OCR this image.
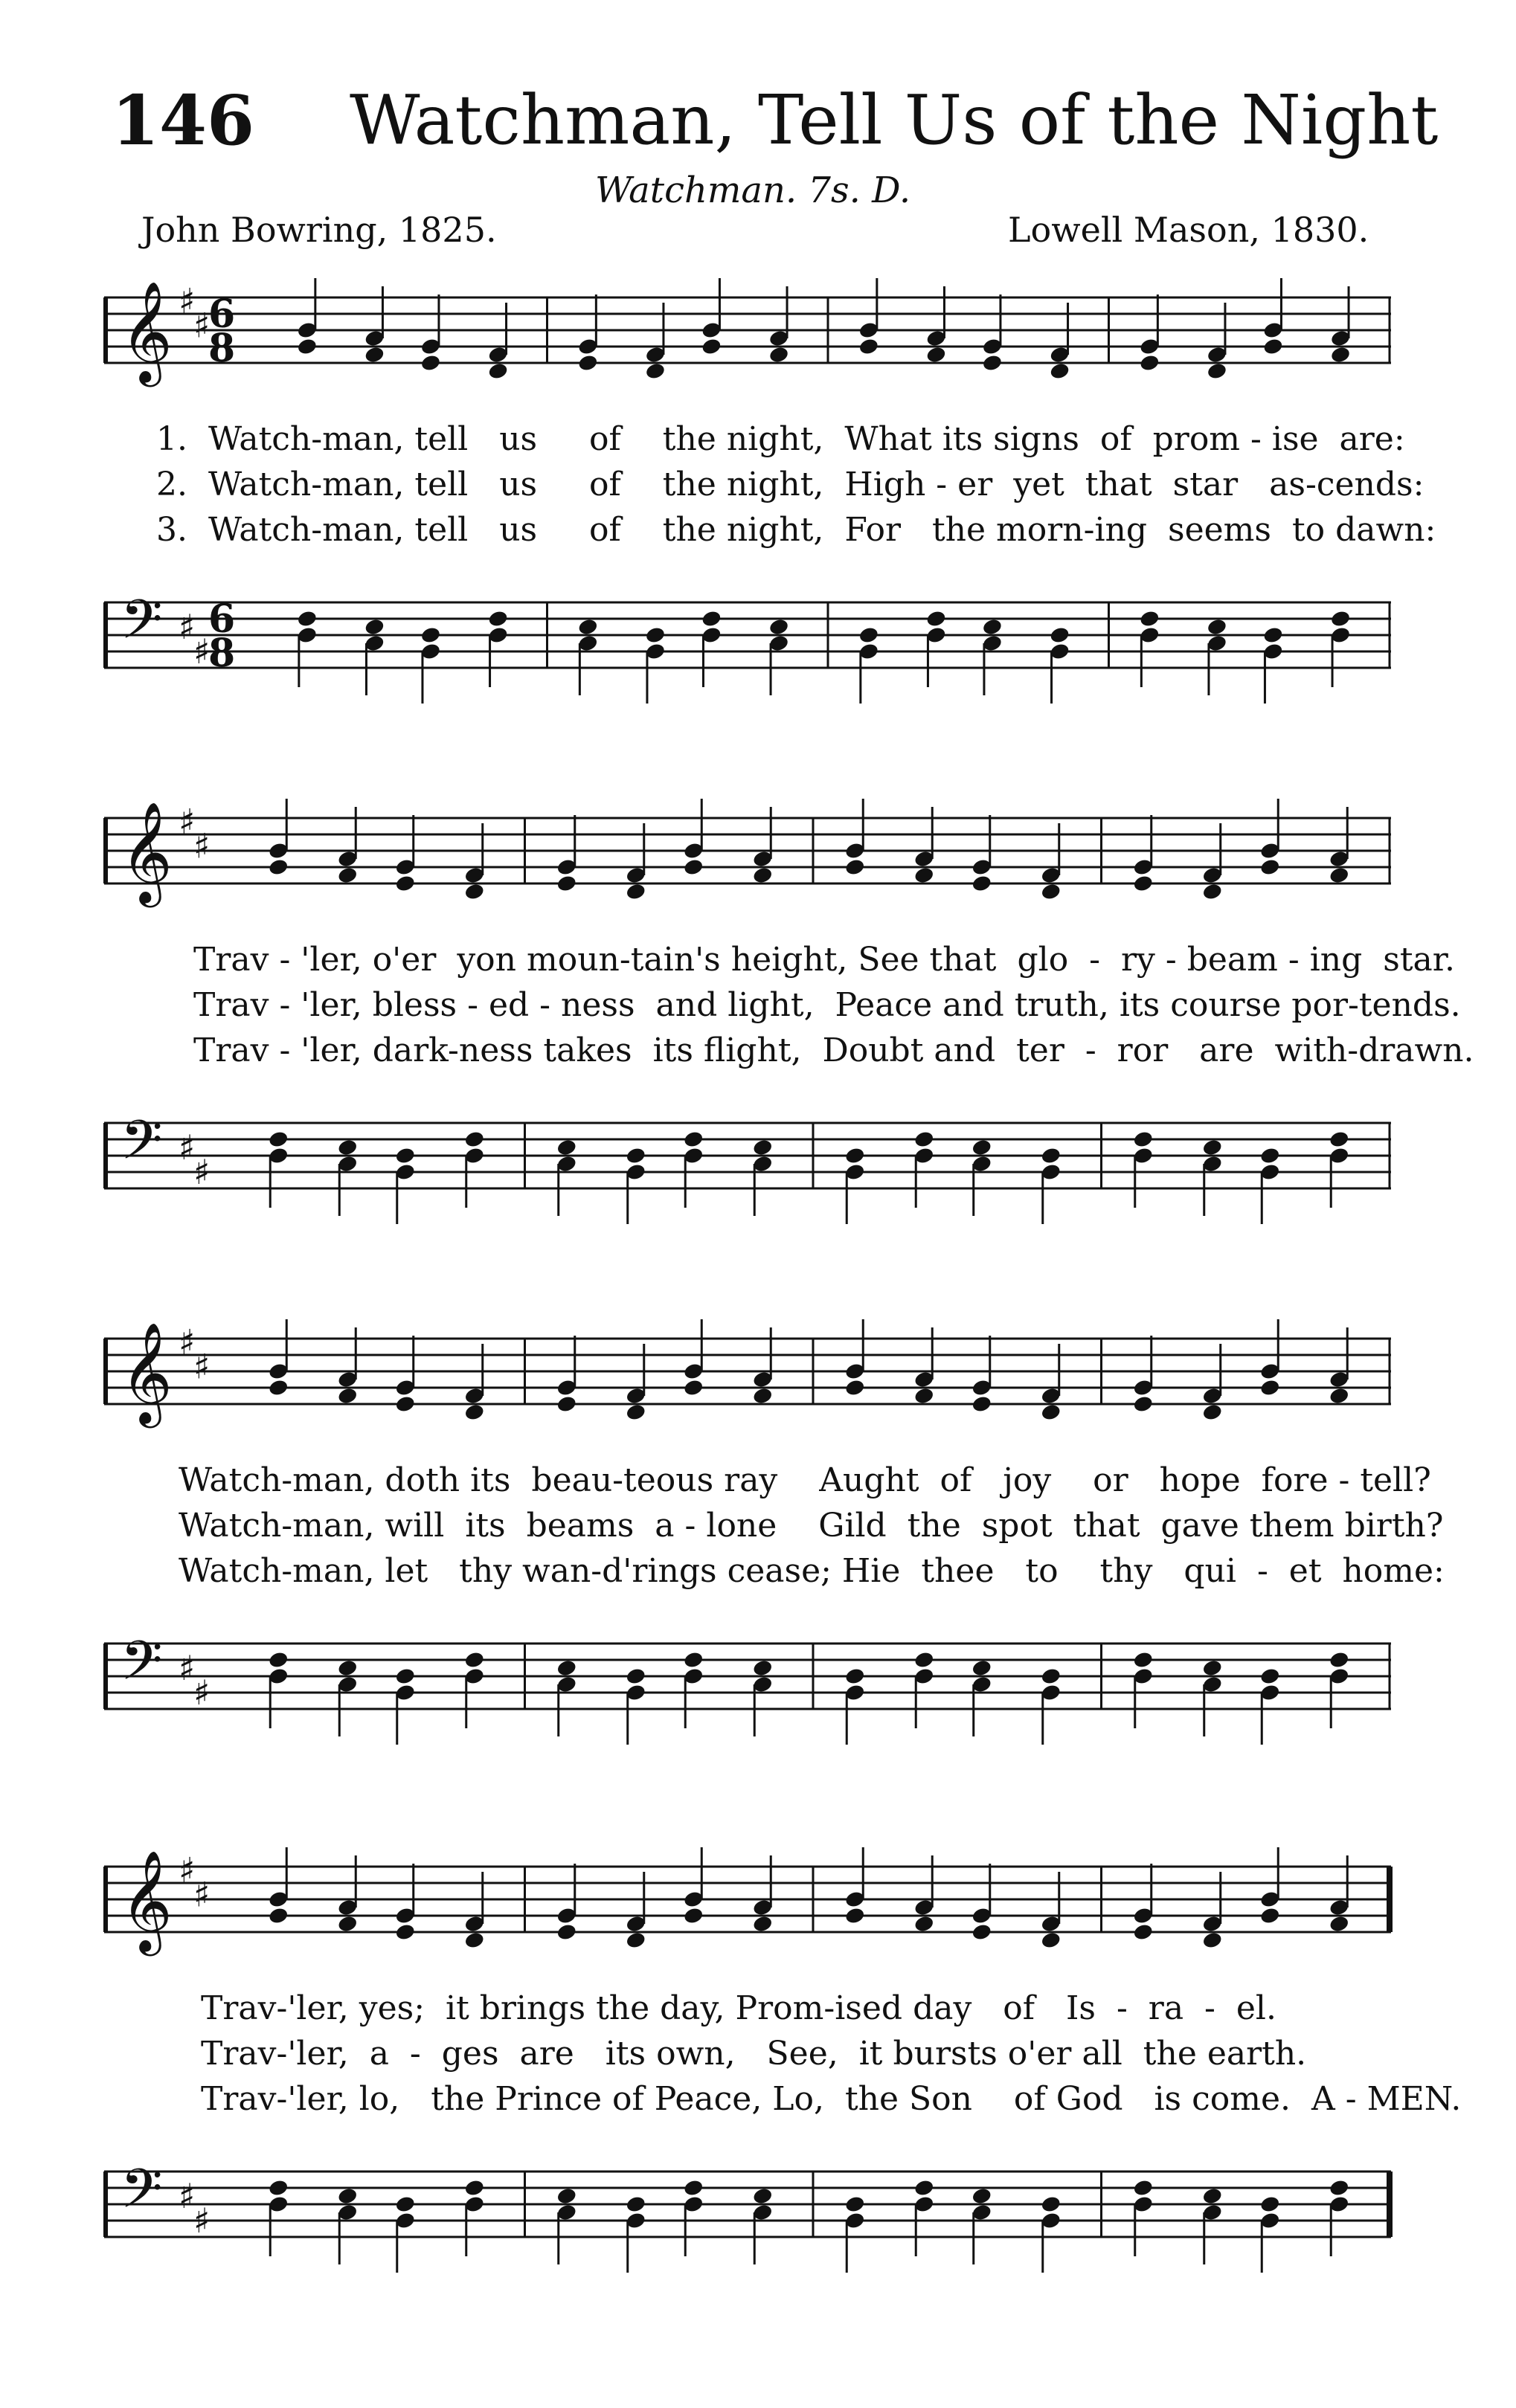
146 Watchman, Tell Us of the Night
Watchman. 7s. D.
John Bowring, 1825.	Lowell Mason, 1830.
𝄞 ♯
♯
6
8
1.  Watch-man, tell   us     of    the night,  What its signs  of  prom - ise  are:
2.  Watch-man, tell   us     of    the night,  High - er  yet  that  star   as-cends:
3.  Watch-man, tell   us     of    the night,  For   the morn-ing  seems  to dawn:
𝄢 ♯
♯
6
8
𝄞 ♯
♯
Trav - 'ler, o'er  yon moun-tain's height, See that  glo  -  ry - beam - ing  star.
Trav - 'ler, bless - ed - ness  and light,  Peace and truth, its course por-tends.
Trav - 'ler, dark-ness takes  its flight,  Doubt and  ter  -  ror   are  with-drawn.
𝄢 ♯
♯
𝄞 ♯
♯
Watch-man, doth its  beau-teous ray    Aught  of   joy    or   hope  fore - tell?
Watch-man, will  its  beams  a - lone    Gild  the  spot  that  gave them birth?
Watch-man, let   thy wan-d'rings cease; Hie  thee   to    thy   qui  -  et  home:
𝄢 ♯
♯
𝄞 ♯
♯
Trav-'ler, yes;  it brings the day, Prom-ised day   of   Is  -  ra  -  el.
Trav-'ler,  a  -  ges  are   its own,   See,  it bursts o'er all  the earth.
Trav-'ler, lo,   the Prince of Peace, Lo,  the Son    of God   is come.  A - MEN.
𝄢 ♯
♯
